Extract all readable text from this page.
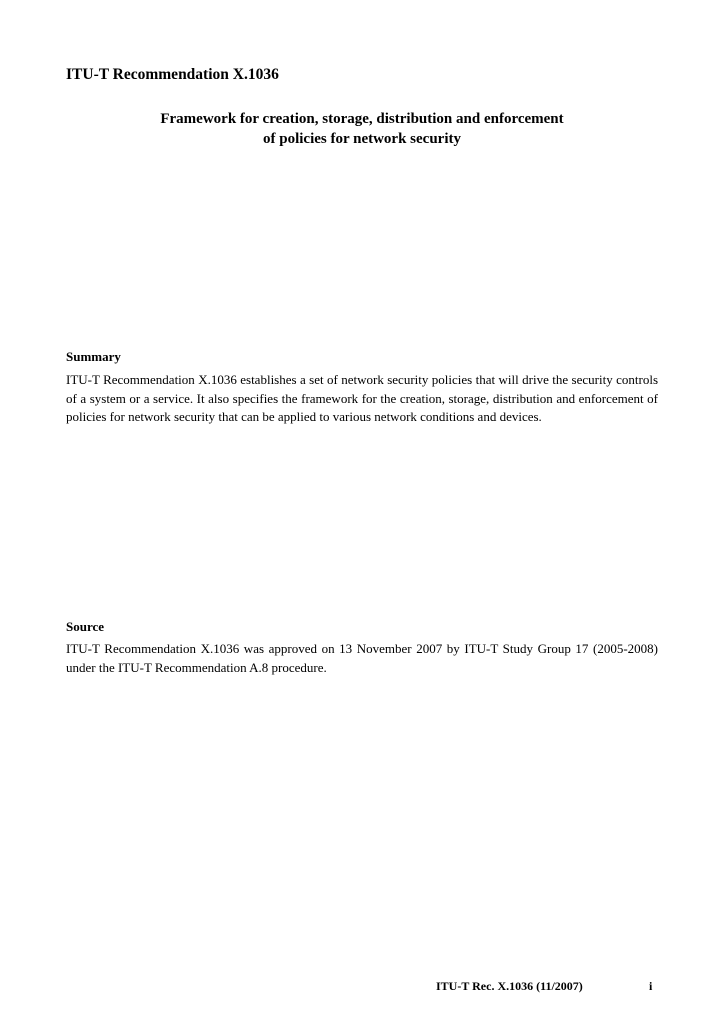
ITU-T Recommendation X.1036
Framework for creation, storage, distribution and enforcement
of policies for network security
Summary
ITU-T Recommendation X.1036 establishes a set of network security policies that will drive the security controls of a system or a service. It also specifies the framework for the creation, storage, distribution and enforcement of policies for network security that can be applied to various network conditions and devices.
Source
ITU-T Recommendation X.1036 was approved on 13 November 2007 by ITU-T Study Group 17 (2005-2008) under the ITU-T Recommendation A.8 procedure.
ITU-T Rec. X.1036 (11/2007)	i
